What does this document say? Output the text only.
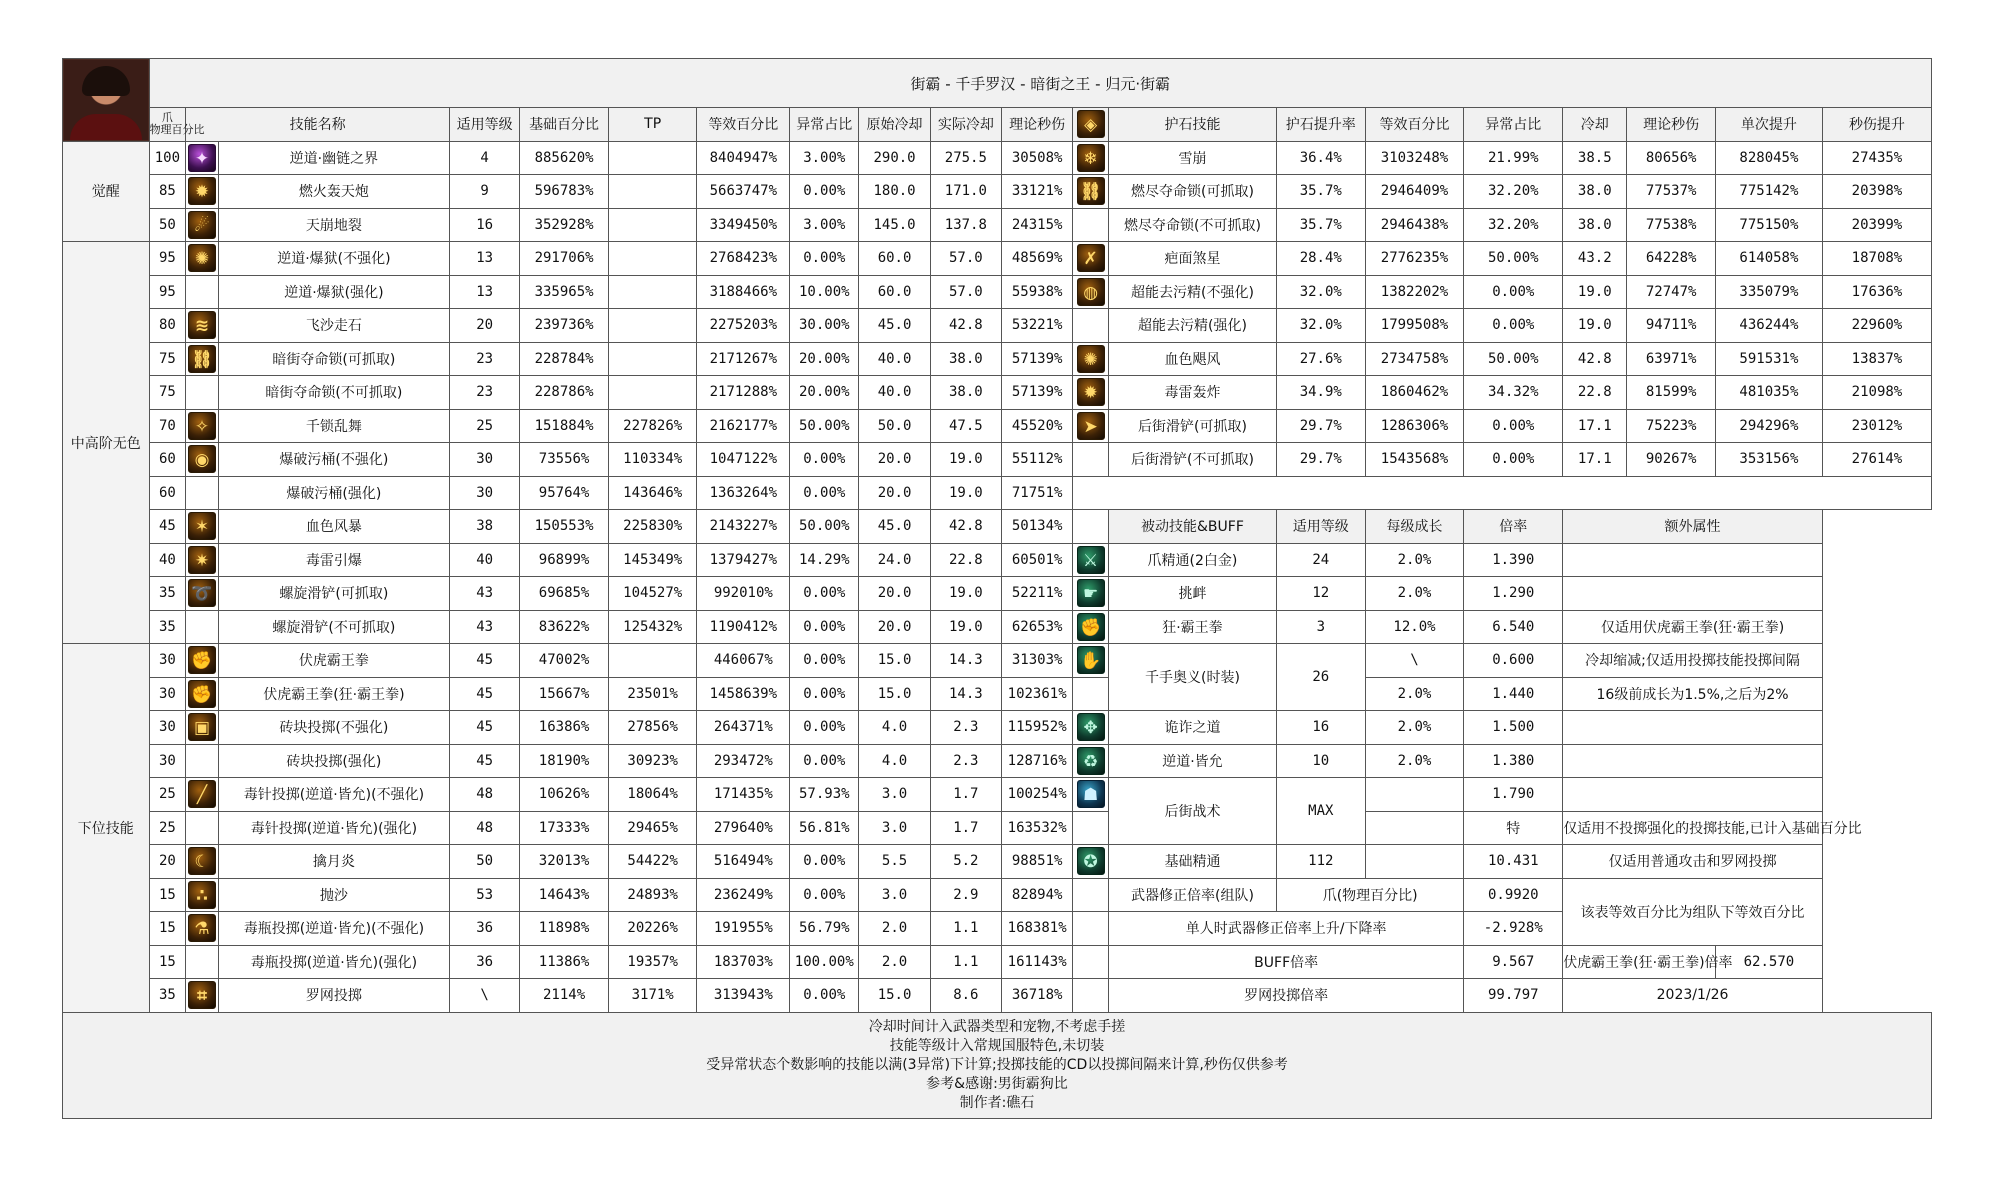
	街霸 - 千手罗汉 - 暗街之王 - 归元·街霸																			
	爪
物理百分比	技能名称		适用等级	基础百分比	TP	等效百分比	异常占比	原始冷却	实际冷却	理论秒伤	◈	护石技能	护石提升率	等效百分比	异常占比	冷却	理论秒伤	单次提升	秒伤提升
觉醒	100	✦	逆道·幽链之界	4	885620%		8404947%	3.00%	290.0	275.5	30508%	❄	雪崩	36.4%	3103248%	21.99%	38.5	80656%	828045%	27435%
	85	✹	燃火轰天炮	9	596783%		5663747%	0.00%	180.0	171.0	33121%	⛓	燃尽夺命锁(可抓取)	35.7%	2946409%	32.20%	38.0	77537%	775142%	20398%
	50	☄	天崩地裂	16	352928%		3349450%	3.00%	145.0	137.8	24315%		燃尽夺命锁(不可抓取)	35.7%	2946438%	32.20%	38.0	77538%	775150%	20399%
中高阶无色	95	✺	逆道·爆狱(不强化)	13	291706%		2768423%	0.00%	60.0	57.0	48569%	✗	疤面煞星	28.4%	2776235%	50.00%	43.2	64228%	614058%	18708%
	95		逆道·爆狱(强化)	13	335965%		3188466%	10.00%	60.0	57.0	55938%	◍	超能去污精(不强化)	32.0%	1382202%	0.00%	19.0	72747%	335079%	17636%
	80	≋	飞沙走石	20	239736%		2275203%	30.00%	45.0	42.8	53221%		超能去污精(强化)	32.0%	1799508%	0.00%	19.0	94711%	436244%	22960%
	75	⛓	暗街夺命锁(可抓取)	23	228784%		2171267%	20.00%	40.0	38.0	57139%	✺	血色飓风	27.6%	2734758%	50.00%	42.8	63971%	591531%	13837%
	75		暗街夺命锁(不可抓取)	23	228786%		2171288%	20.00%	40.0	38.0	57139%	✹	毒雷轰炸	34.9%	1860462%	34.32%	22.8	81599%	481035%	21098%
	70	✧	千锁乱舞	25	151884%	227826%	2162177%	50.00%	50.0	47.5	45520%	➤	后街滑铲(可抓取)	29.7%	1286306%	0.00%	17.1	75223%	294296%	23012%
	60	◉	爆破污桶(不强化)	30	73556%	110334%	1047122%	0.00%	20.0	19.0	55112%		后街滑铲(不可抓取)	29.7%	1543568%	0.00%	17.1	90267%	353156%	27614%
	60		爆破污桶(强化)	30	95764%	143646%	1363264%	0.00%	20.0	19.0	71751%									
	45	✶	血色风暴	38	150553%	225830%	2143227%	50.00%	45.0	42.8	50134%		被动技能&BUFF	适用等级	每级成长	倍率	额外属性			
	40	✷	毒雷引爆	40	96899%	145349%	1379427%	14.29%	24.0	22.8	60501%	⚔	爪精通(2白金)	24	2.0%	1.390				
	35	➰	螺旋滑铲(可抓取)	43	69685%	104527%	992010%	0.00%	20.0	19.0	52211%	☛	挑衅	12	2.0%	1.290				
	35		螺旋滑铲(不可抓取)	43	83622%	125432%	1190412%	0.00%	20.0	19.0	62653%	✊	狂·霸王拳	3	12.0%	6.540	仅适用伏虎霸王拳(狂·霸王拳)			
下位技能	30	✊	伏虎霸王拳	45	47002%		446067%	0.00%	15.0	14.3	31303%	✋	千手奥义(时装)	26	\	0.600	冷却缩减;仅适用投掷技能投掷间隔			
	30	✊	伏虎霸王拳(狂·霸王拳)	45	15667%	23501%	1458639%	0.00%	15.0	14.3	102361%				2.0%	1.440	16级前成长为1.5%,之后为2%			
	30	▣	砖块投掷(不强化)	45	16386%	27856%	264371%	0.00%	4.0	2.3	115952%	✥	诡诈之道	16	2.0%	1.500				
	30		砖块投掷(强化)	45	18190%	30923%	293472%	0.00%	4.0	2.3	128716%	♻	逆道·皆允	10	2.0%	1.380				
	25	╱	毒针投掷(逆道·皆允)(不强化)	48	10626%	18064%	171435%	57.93%	3.0	1.7	100254%	☗	后街战术	MAX		1.790				
	25		毒针投掷(逆道·皆允)(强化)	48	17333%	29465%	279640%	56.81%	3.0	1.7	163532%					特	仅适用不投掷强化的投掷技能,已计入基础百分比			
	20	☾	擒月炎	50	32013%	54422%	516494%	0.00%	5.5	5.2	98851%	✪	基础精通	112		10.431	仅适用普通攻击和罗网投掷			
	15	∴	抛沙	53	14643%	24893%	236249%	0.00%	3.0	2.9	82894%		武器修正倍率(组队)	爪(物理百分比)		0.9920	该表等效百分比为组队下等效百分比			
	15	⚗	毒瓶投掷(逆道·皆允)(不强化)	36	11898%	20226%	191955%	56.79%	2.0	1.1	168381%		单人时武器修正倍率上升/下降率			-2.928%				
	15		毒瓶投掷(逆道·皆允)(强化)	36	11386%	19357%	183703%	100.00%	2.0	1.1	161143%		BUFF倍率			9.567	伏虎霸王拳(狂·霸王拳)倍率		62.570	
	35	⌗	罗网投掷	\	2114%	3171%	313943%	0.00%	15.0	8.6	36718%		罗网投掷倍率			99.797	2023/1/26			

冷却时间计入武器类型和宠物,不考虑手搓
技能等级计入常规国服特色,未切装
受异常状态个数影响的技能以满(3异常)下计算;投掷技能的CD以投掷间隔来计算,秒伤仅供参考
参考&感谢:男街霸狗比
制作者:礁石																				
